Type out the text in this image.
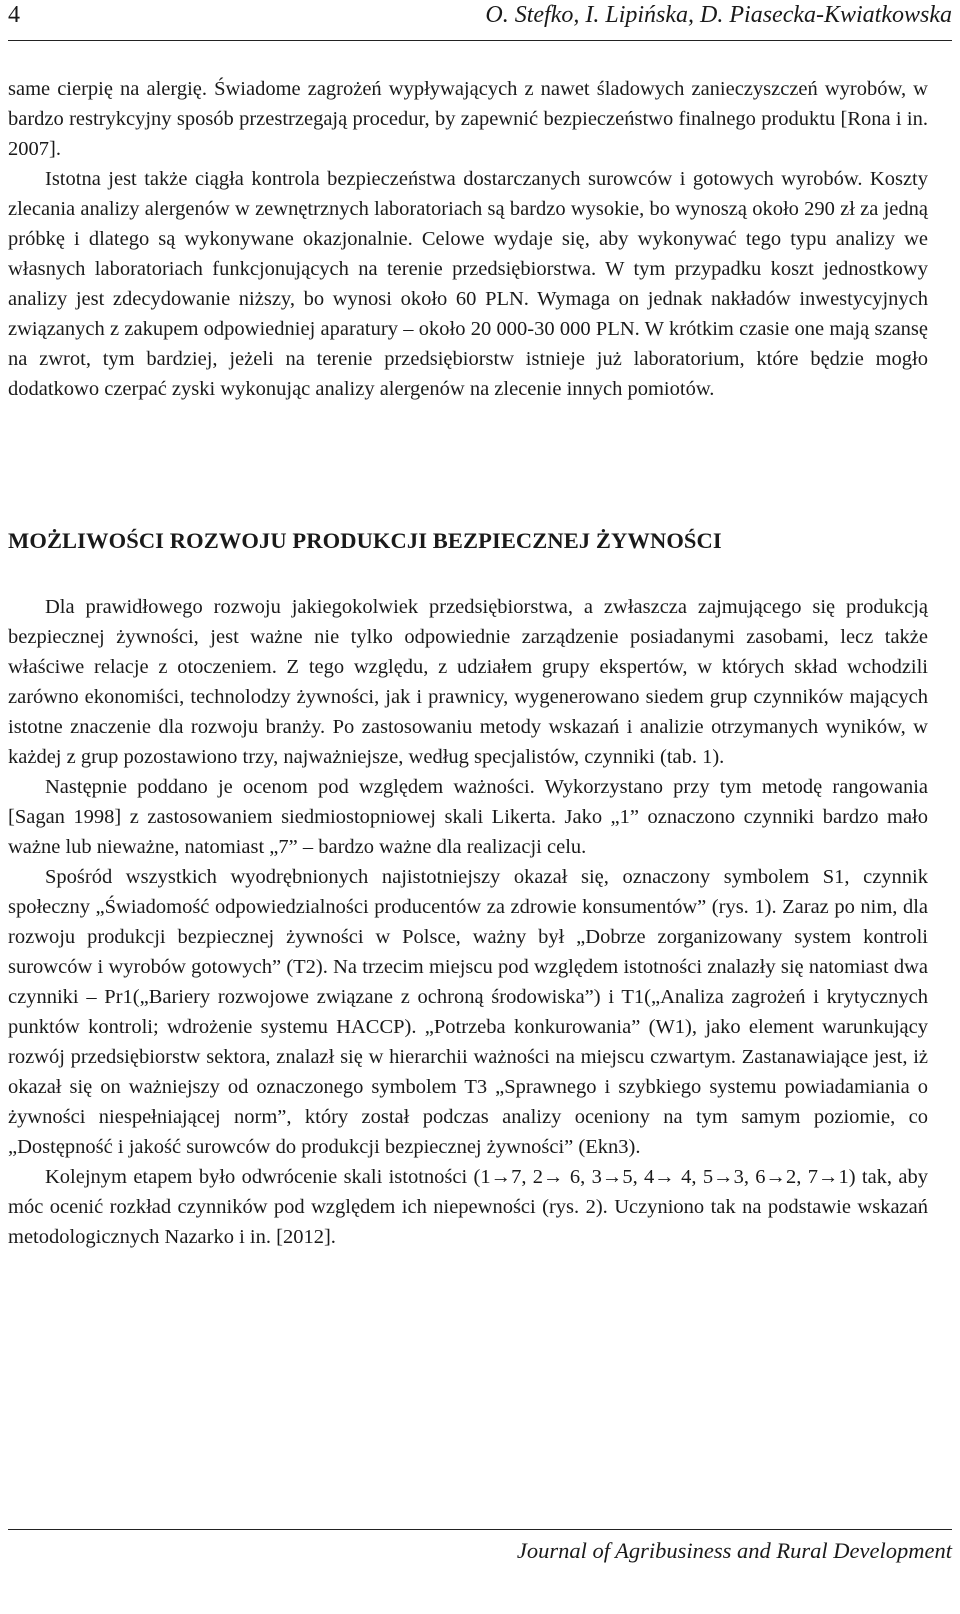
4	O. Stefko, I. Lipińska, D. Piasecka-Kwiatkowska

same cierpię na alergię. Świadome zagrożeń wypływających z nawet śladowych zanieczyszczeń wyrobów, w bardzo restrykcyjny sposób przestrzegają procedur, by zapewnić bezpieczeństwo finalnego produktu [Rona i in. 2007].

Istotna jest także ciągła kontrola bezpieczeństwa dostarczanych surowców i gotowych wyrobów. Koszty zlecania analizy alergenów w zewnętrznych laboratoriach są bardzo wysokie, bo wynoszą około 290 zł za jedną próbkę i dlatego są wykonywane okazjonalnie. Celowe wydaje się, aby wykonywać tego typu analizy we własnych laboratoriach funkcjonujących na terenie przedsiębiorstwa. W tym przypadku koszt jednostkowy analizy jest zdecydowanie niższy, bo wynosi około 60 PLN. Wymaga on jednak nakładów inwestycyjnych związanych z zakupem odpowiedniej aparatury – około 20 000-30 000 PLN. W krótkim czasie one mają szansę na zwrot, tym bardziej, jeżeli na terenie przedsiębiorstw istnieje już laboratorium, które będzie mogło dodatkowo czerpać zyski wykonując analizy alergenów na zlecenie innych pomiotów.

MOŻLIWOŚCI ROZWOJU PRODUKCJI BEZPIECZNEJ ŻYWNOŚCI

Dla prawidłowego rozwoju jakiegokolwiek przedsiębiorstwa, a zwłaszcza zajmującego się produkcją bezpiecznej żywności, jest ważne nie tylko odpowiednie zarządzenie posiadanymi zasobami, lecz także właściwe relacje z otoczeniem. Z tego względu, z udziałem grupy ekspertów, w których skład wchodzili zarówno ekonomiści, technolodzy żywności, jak i prawnicy, wygenerowano siedem grup czynników mających istotne znaczenie dla rozwoju branży. Po zastosowaniu metody wskazań i analizie otrzymanych wyników, w każdej z grup pozostawiono trzy, najważniejsze, według specjalistów, czynniki (tab. 1).

Następnie poddano je ocenom pod względem ważności. Wykorzystano przy tym metodę rangowania [Sagan 1998] z zastosowaniem siedmiostopniowej skali Likerta. Jako „1” oznaczono czynniki bardzo mało ważne lub nieważne, natomiast „7” – bardzo ważne dla realizacji celu.

Spośród wszystkich wyodrębnionych najistotniejszy okazał się, oznaczony symbolem S1, czynnik społeczny „Świadomość odpowiedzialności producentów za zdrowie konsumentów” (rys. 1). Zaraz po nim, dla rozwoju produkcji bezpiecznej żywności w Polsce, ważny był „Dobrze zorganizowany system kontroli surowców i wyrobów gotowych” (T2). Na trzecim miejscu pod względem istotności znalazły się natomiast dwa czynniki – Pr1(„Bariery rozwojowe związane z ochroną środowiska”) i T1(„Analiza zagrożeń i krytycznych punktów kontroli; wdrożenie systemu HACCP). „Potrzeba konkurowania” (W1), jako element warunkujący rozwój przedsiębiorstw sektora, znalazł się w hierarchii ważności na miejscu czwartym. Zastanawiające jest, iż okazał się on ważniejszy od oznaczonego symbolem T3 „Sprawnego i szybkiego systemu powiadamiania o żywności niespełniającej norm”, który został podczas analizy oceniony na tym samym poziomie, co „Dostępność i jakość surowców do produkcji bezpiecznej żywności” (Ekn3).

Kolejnym etapem było odwrócenie skali istotności (1→7, 2→ 6, 3→5, 4→ 4, 5→3, 6→2, 7→1) tak, aby móc ocenić rozkład czynników pod względem ich niepewności (rys. 2). Uczyniono tak na podstawie wskazań metodologicznych Nazarko i in. [2012].

Journal of Agribusiness and Rural Development
